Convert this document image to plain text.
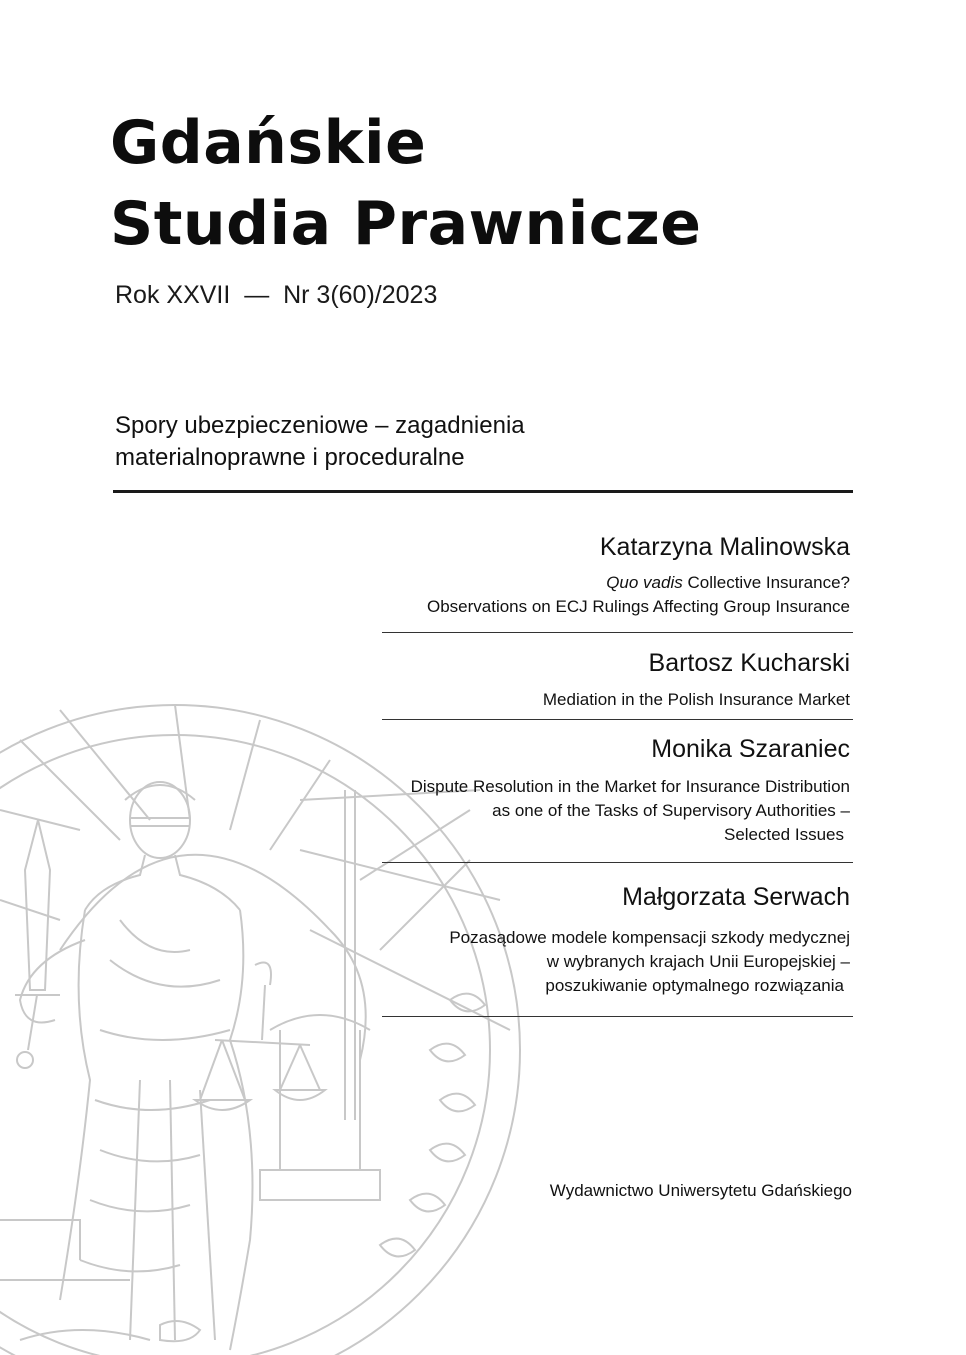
Gdańskie
Studia Prawnicze
Rok XXVII  —  Nr 3(60)/2023
Spory ubezpieczeniowe – zagadnienia
materialnoprawne i proceduralne
Katarzyna Malinowska
Quo vadis Collective Insurance?
Observations on ECJ Rulings Affecting Group Insurance
Bartosz Kucharski
Mediation in the Polish Insurance Market
Monika Szaraniec
Dispute Resolution in the Market for Insurance Distribution
as one of the Tasks of Supervisory Authorities –
Selected Issues
Małgorzata Serwach
Pozasądowe modele kompensacji szkody medycznej
w wybranych krajach Unii Europejskiej –
poszukiwanie optymalnego rozwiązania
Wydawnictwo Uniwersytetu Gdańskiego
